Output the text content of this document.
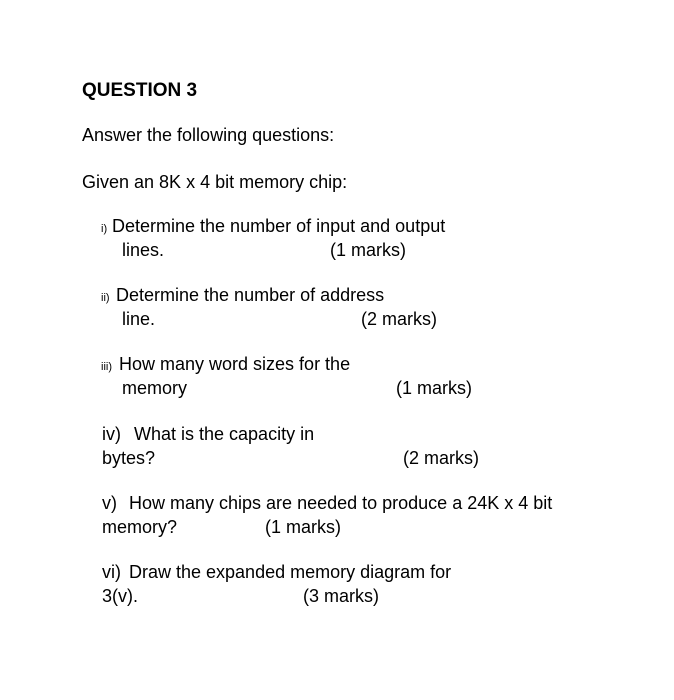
QUESTION 3
Answer the following questions:
Given an 8K x 4 bit memory chip:
i) Determine the number of input and output
lines.	(1 marks)
ii) Determine the number of address
line.	(2 marks)
iii) How many word sizes for the
memory	(1 marks)
iv) What is the capacity in
bytes?	(2 marks)
v) How many chips are needed to produce a 24K x 4 bit
memory?	(1 marks)
vi) Draw the expanded memory diagram for
3(v).	(3 marks)
